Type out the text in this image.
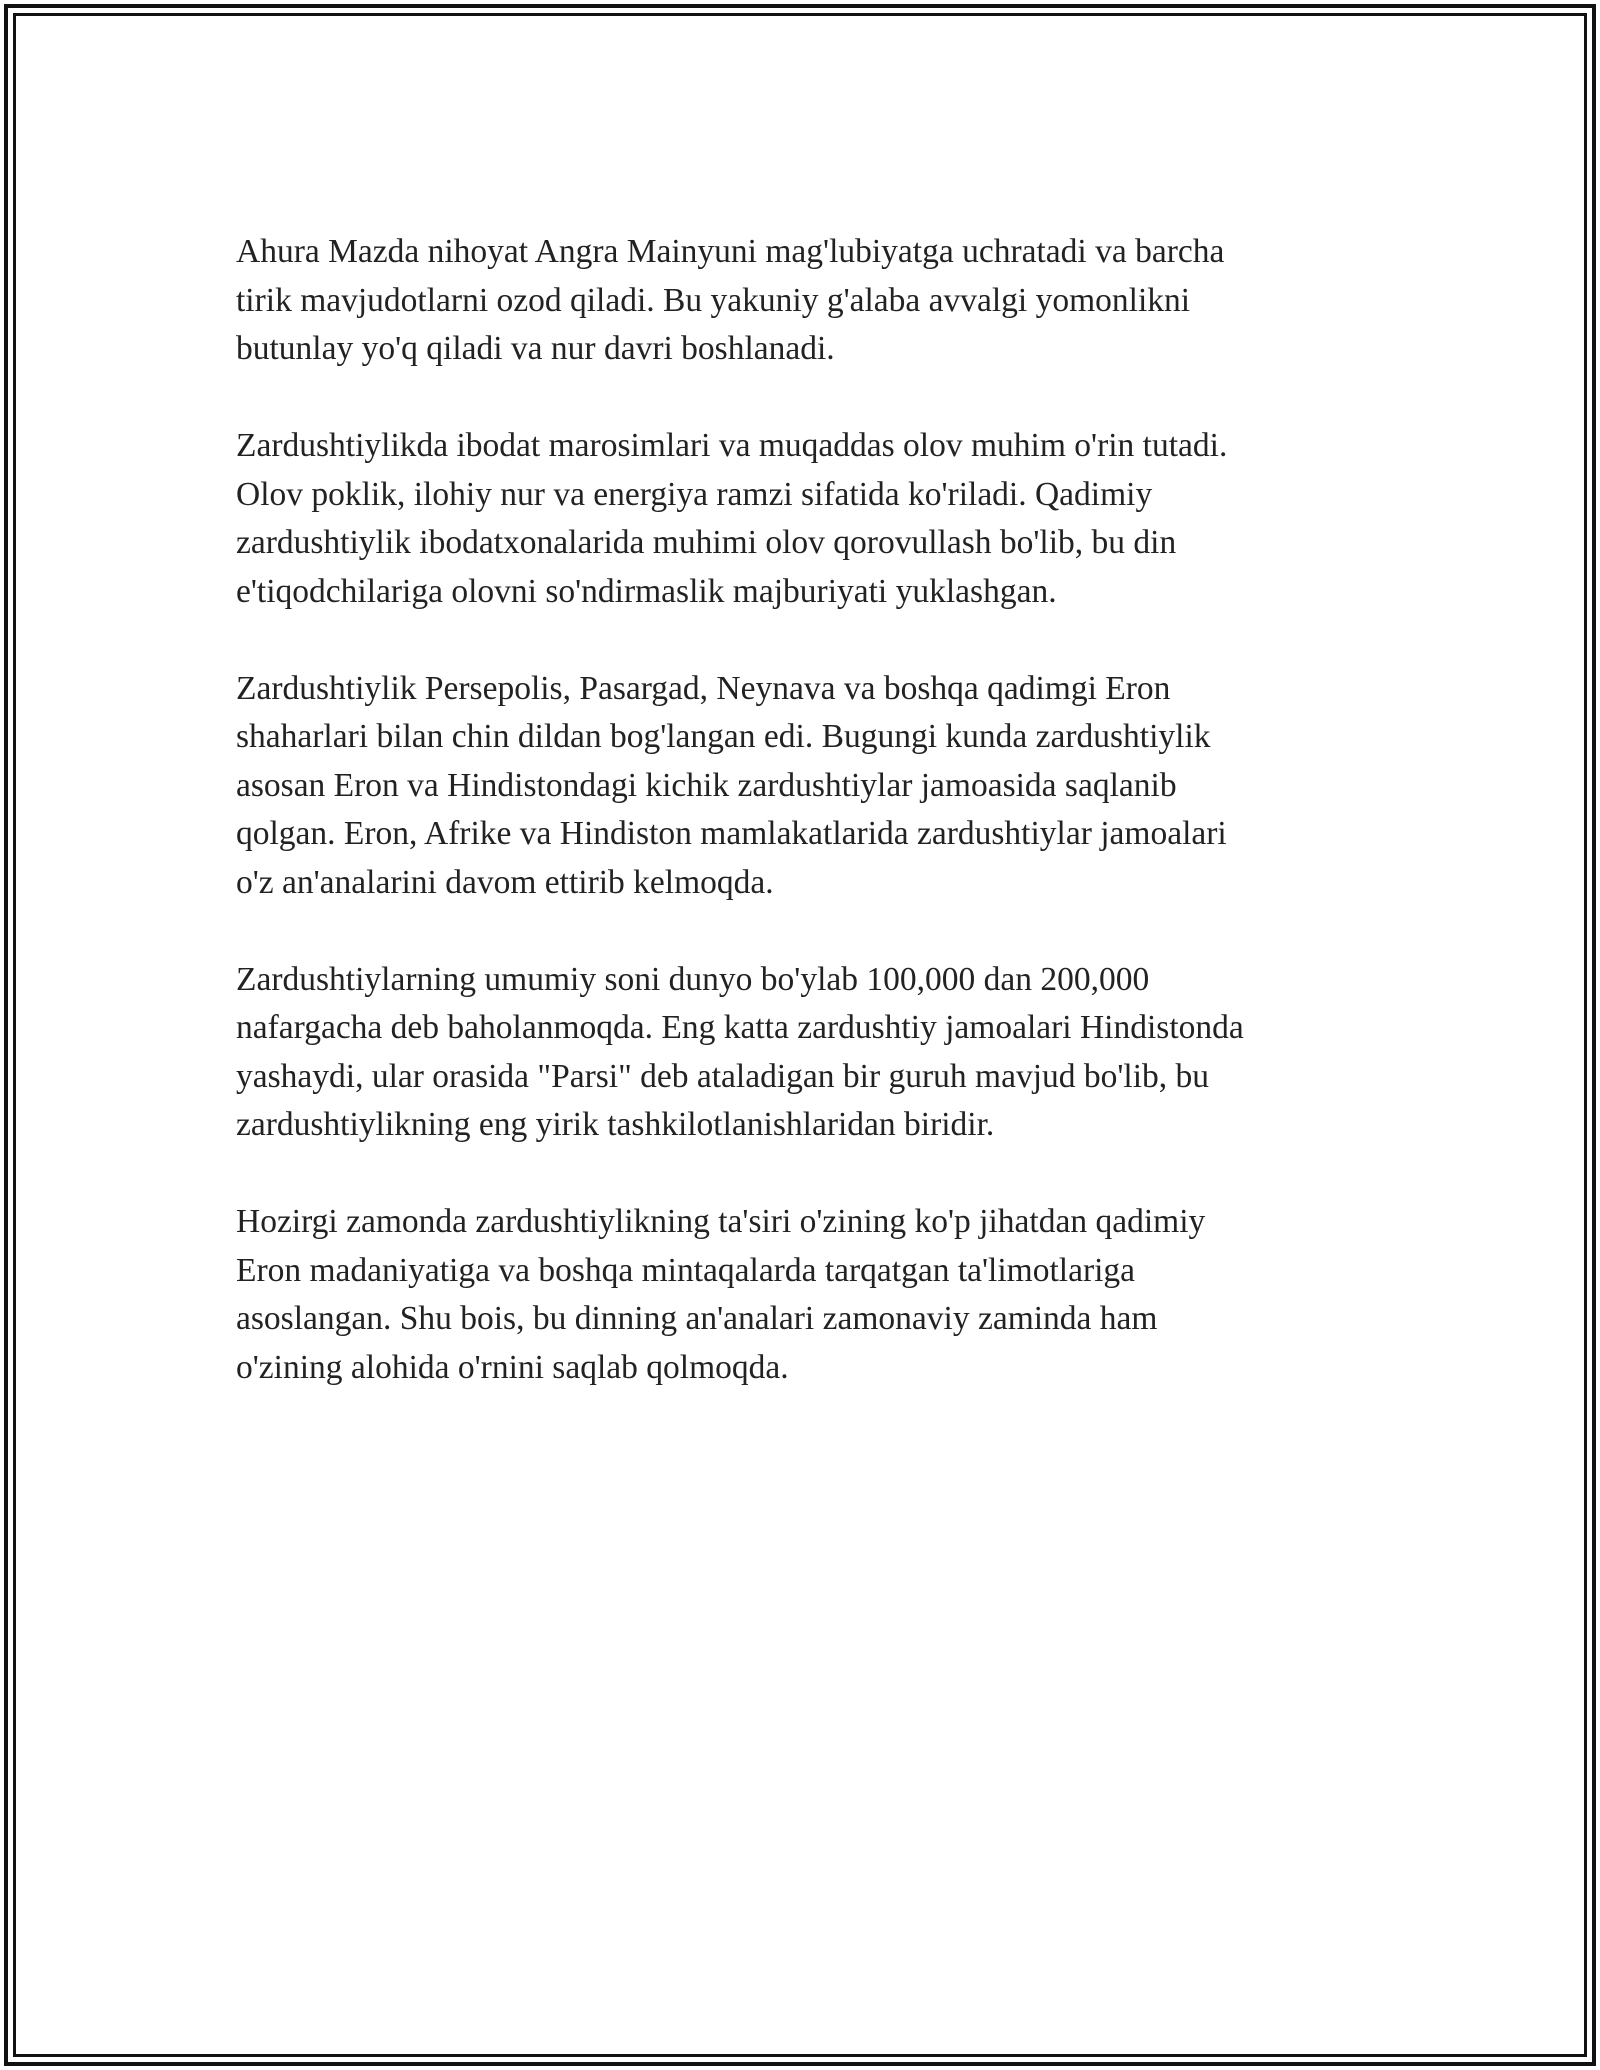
Ahura Mazda nihoyat Angra Mainyuni mag'lubiyatga uchratadi va barcha
tirik mavjudotlarni ozod qiladi. Bu yakuniy g'alaba avvalgi yomonlikni
butunlay yo'q qiladi va nur davri boshlanadi.

Zardushtiylikda ibodat marosimlari va muqaddas olov muhim o'rin tutadi.
Olov poklik, ilohiy nur va energiya ramzi sifatida ko'riladi. Qadimiy
zardushtiylik ibodatxonalarida muhimi olov qorovullash bo'lib, bu din
e'tiqodchilariga olovni so'ndirmaslik majburiyati yuklashgan.

Zardushtiylik Persepolis, Pasargad, Neynava va boshqa qadimgi Eron
shaharlari bilan chin dildan bog'langan edi. Bugungi kunda zardushtiylik
asosan Eron va Hindistondagi kichik zardushtiylar jamoasida saqlanib
qolgan. Eron, Afrike va Hindiston mamlakatlarida zardushtiylar jamoalari
o'z an'analarini davom ettirib kelmoqda.

Zardushtiylarning umumiy soni dunyo bo'ylab 100,000 dan 200,000
nafargacha deb baholanmoqda. Eng katta zardushtiy jamoalari Hindistonda
yashaydi, ular orasida "Parsi" deb ataladigan bir guruh mavjud bo'lib, bu
zardushtiylikning eng yirik tashkilotlanishlaridan biridir.

Hozirgi zamonda zardushtiylikning ta'siri o'zining ko'p jihatdan qadimiy
Eron madaniyatiga va boshqa mintaqalarda tarqatgan ta'limotlariga
asoslangan. Shu bois, bu dinning an'analari zamonaviy zaminda ham
o'zining alohida o'rnini saqlab qolmoqda.
